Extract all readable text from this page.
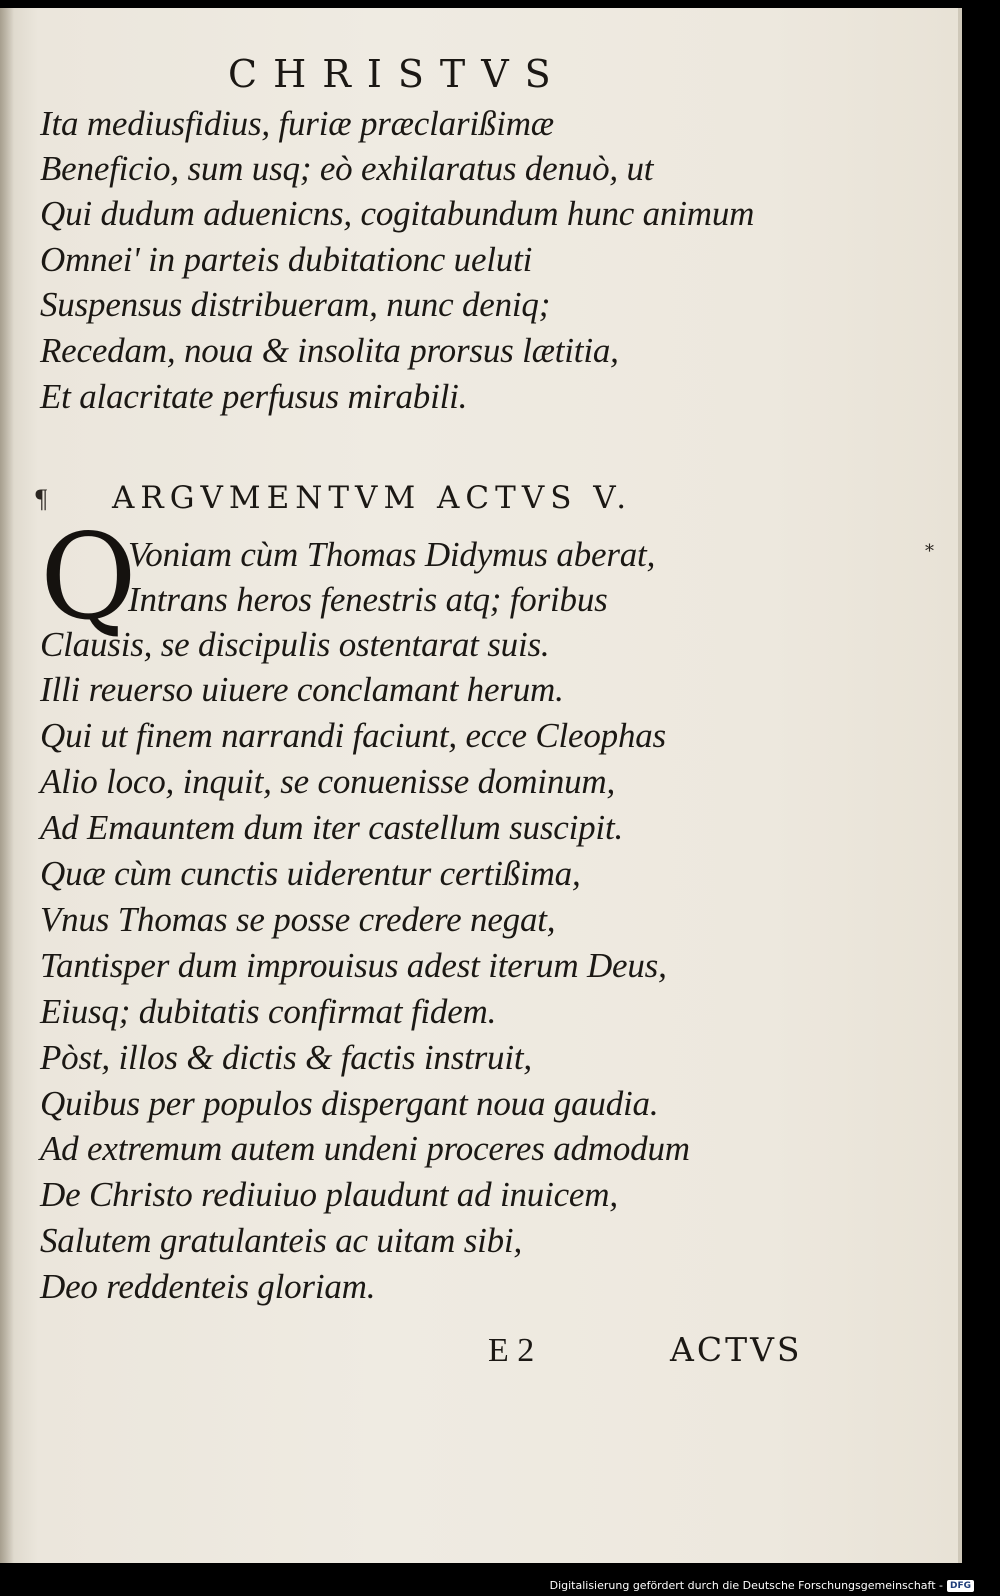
CHRISTVS
Ita mediusfidius, furiæ præclarißimæ
Beneficio, sum usq; eò exhilaratus denuò, ut
Qui dudum aduenicns, cogitabundum hunc animum
Omnei' in parteis dubitationc ueluti
Suspensus distribueram, nunc deniq;
Recedam, noua & insolita prorsus lætitia,
Et alacritate perfusus mirabili.
¶ ARGVMENTVM ACTVS V.
Q	*
Voniam cùm Thomas Didymus aberat,
Intrans heros fenestris atq; foribus
Clausis, se discipulis ostentarat suis.
Illi reuerso uiuere conclamant herum.
Qui ut finem narrandi faciunt, ecce Cleophas
Alio loco, inquit, se conuenisse dominum,
Ad Emauntem dum iter castellum suscipit.
Quæ cùm cunctis uiderentur certißima,
Vnus Thomas se posse credere negat,
Tantisper dum improuisus adest iterum Deus,
Eiusq; dubitatis confirmat fidem.
Pòst, illos & dictis & factis instruit,
Quibus per populos dispergant noua gaudia.
Ad extremum autem undeni proceres admodum
De Christo rediuiuo plaudunt ad inuicem,
Salutem gratulanteis ac uitam sibi,
Deo reddenteis gloriam.
E 2	ACTVS
Digitalisierung gefördert durch die Deutsche Forschungsgemeinschaft - DFG
